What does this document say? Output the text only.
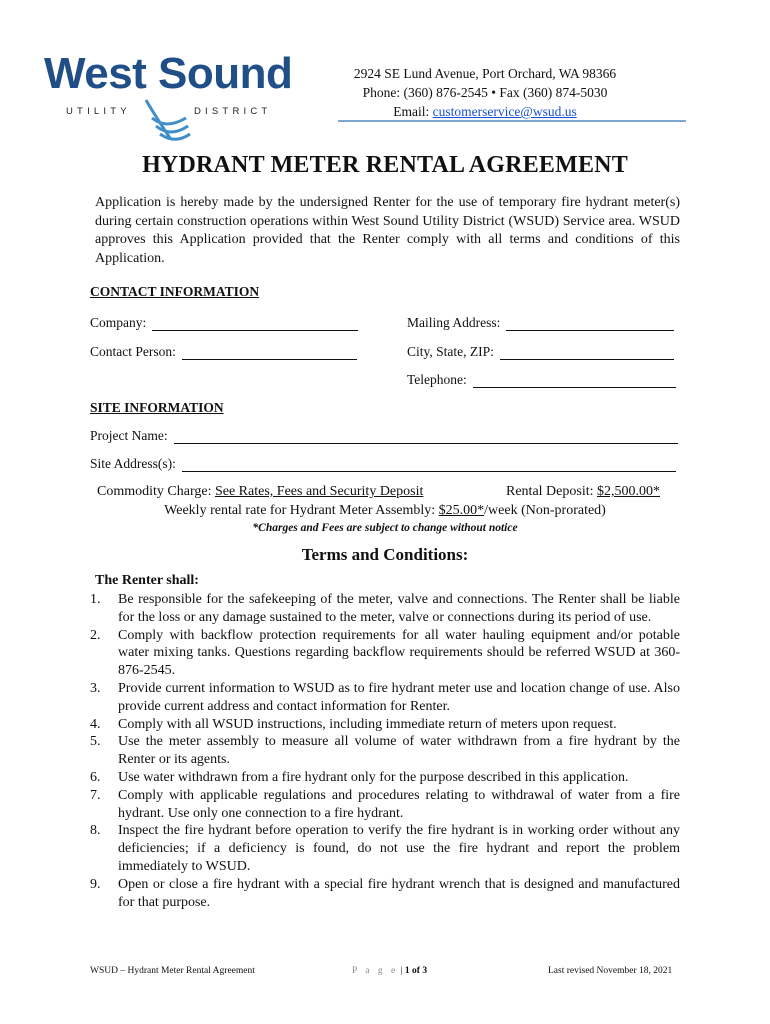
West Sound
UTILITY	DISTRICT
2924 SE Lund Avenue, Port Orchard, WA 98366
Phone: (360) 876-2545 • Fax (360) 874-5030
Email: customerservice@wsud.us
HYDRANT METER RENTAL AGREEMENT
Application is hereby made by the undersigned Renter for the use of temporary fire hydrant meter(s) during certain construction operations within West Sound Utility District (WSUD) Service area. WSUD approves this Application provided that the Renter comply with all terms and conditions of this Application.
CONTACT INFORMATION
Company:	Mailing Address:
Contact Person:	City, State, ZIP:
Telephone:
SITE INFORMATION
Project Name:
Site Address(s):
Commodity Charge: See Rates, Fees and Security Deposit	Rental Deposit: $2,500.00*
Weekly rental rate for Hydrant Meter Assembly: $25.00*/week (Non-prorated)
*Charges and Fees are subject to change without notice
Terms and Conditions:
The Renter shall:
1.	Be responsible for the safekeeping of the meter, valve and connections. The Renter shall be liable for the loss or any damage sustained to the meter, valve or connections during its period of use.
2.	Comply with backflow protection requirements for all water hauling equipment and/or potable water mixing tanks. Questions regarding backflow requirements should be referred WSUD at 360-876-2545.
3.	Provide current information to WSUD as to fire hydrant meter use and location change of use. Also provide current address and contact information for Renter.
4.	Comply with all WSUD instructions, including immediate return of meters upon request.
5.	Use the meter assembly to measure all volume of water withdrawn from a fire hydrant by the Renter or its agents.
6.	Use water withdrawn from a fire hydrant only for the purpose described in this application.
7.	Comply with applicable regulations and procedures relating to withdrawal of water from a fire hydrant. Use only one connection to a fire hydrant.
8.	Inspect the fire hydrant before operation to verify the fire hydrant is in working order without any deficiencies; if a deficiency is found, do not use the fire hydrant and report the problem immediately to WSUD.
9.	Open or close a fire hydrant with a special fire hydrant wrench that is designed and manufactured for that purpose.
WSUD – Hydrant Meter Rental Agreement	P a g e | 1 of 3	Last revised November 18, 2021
